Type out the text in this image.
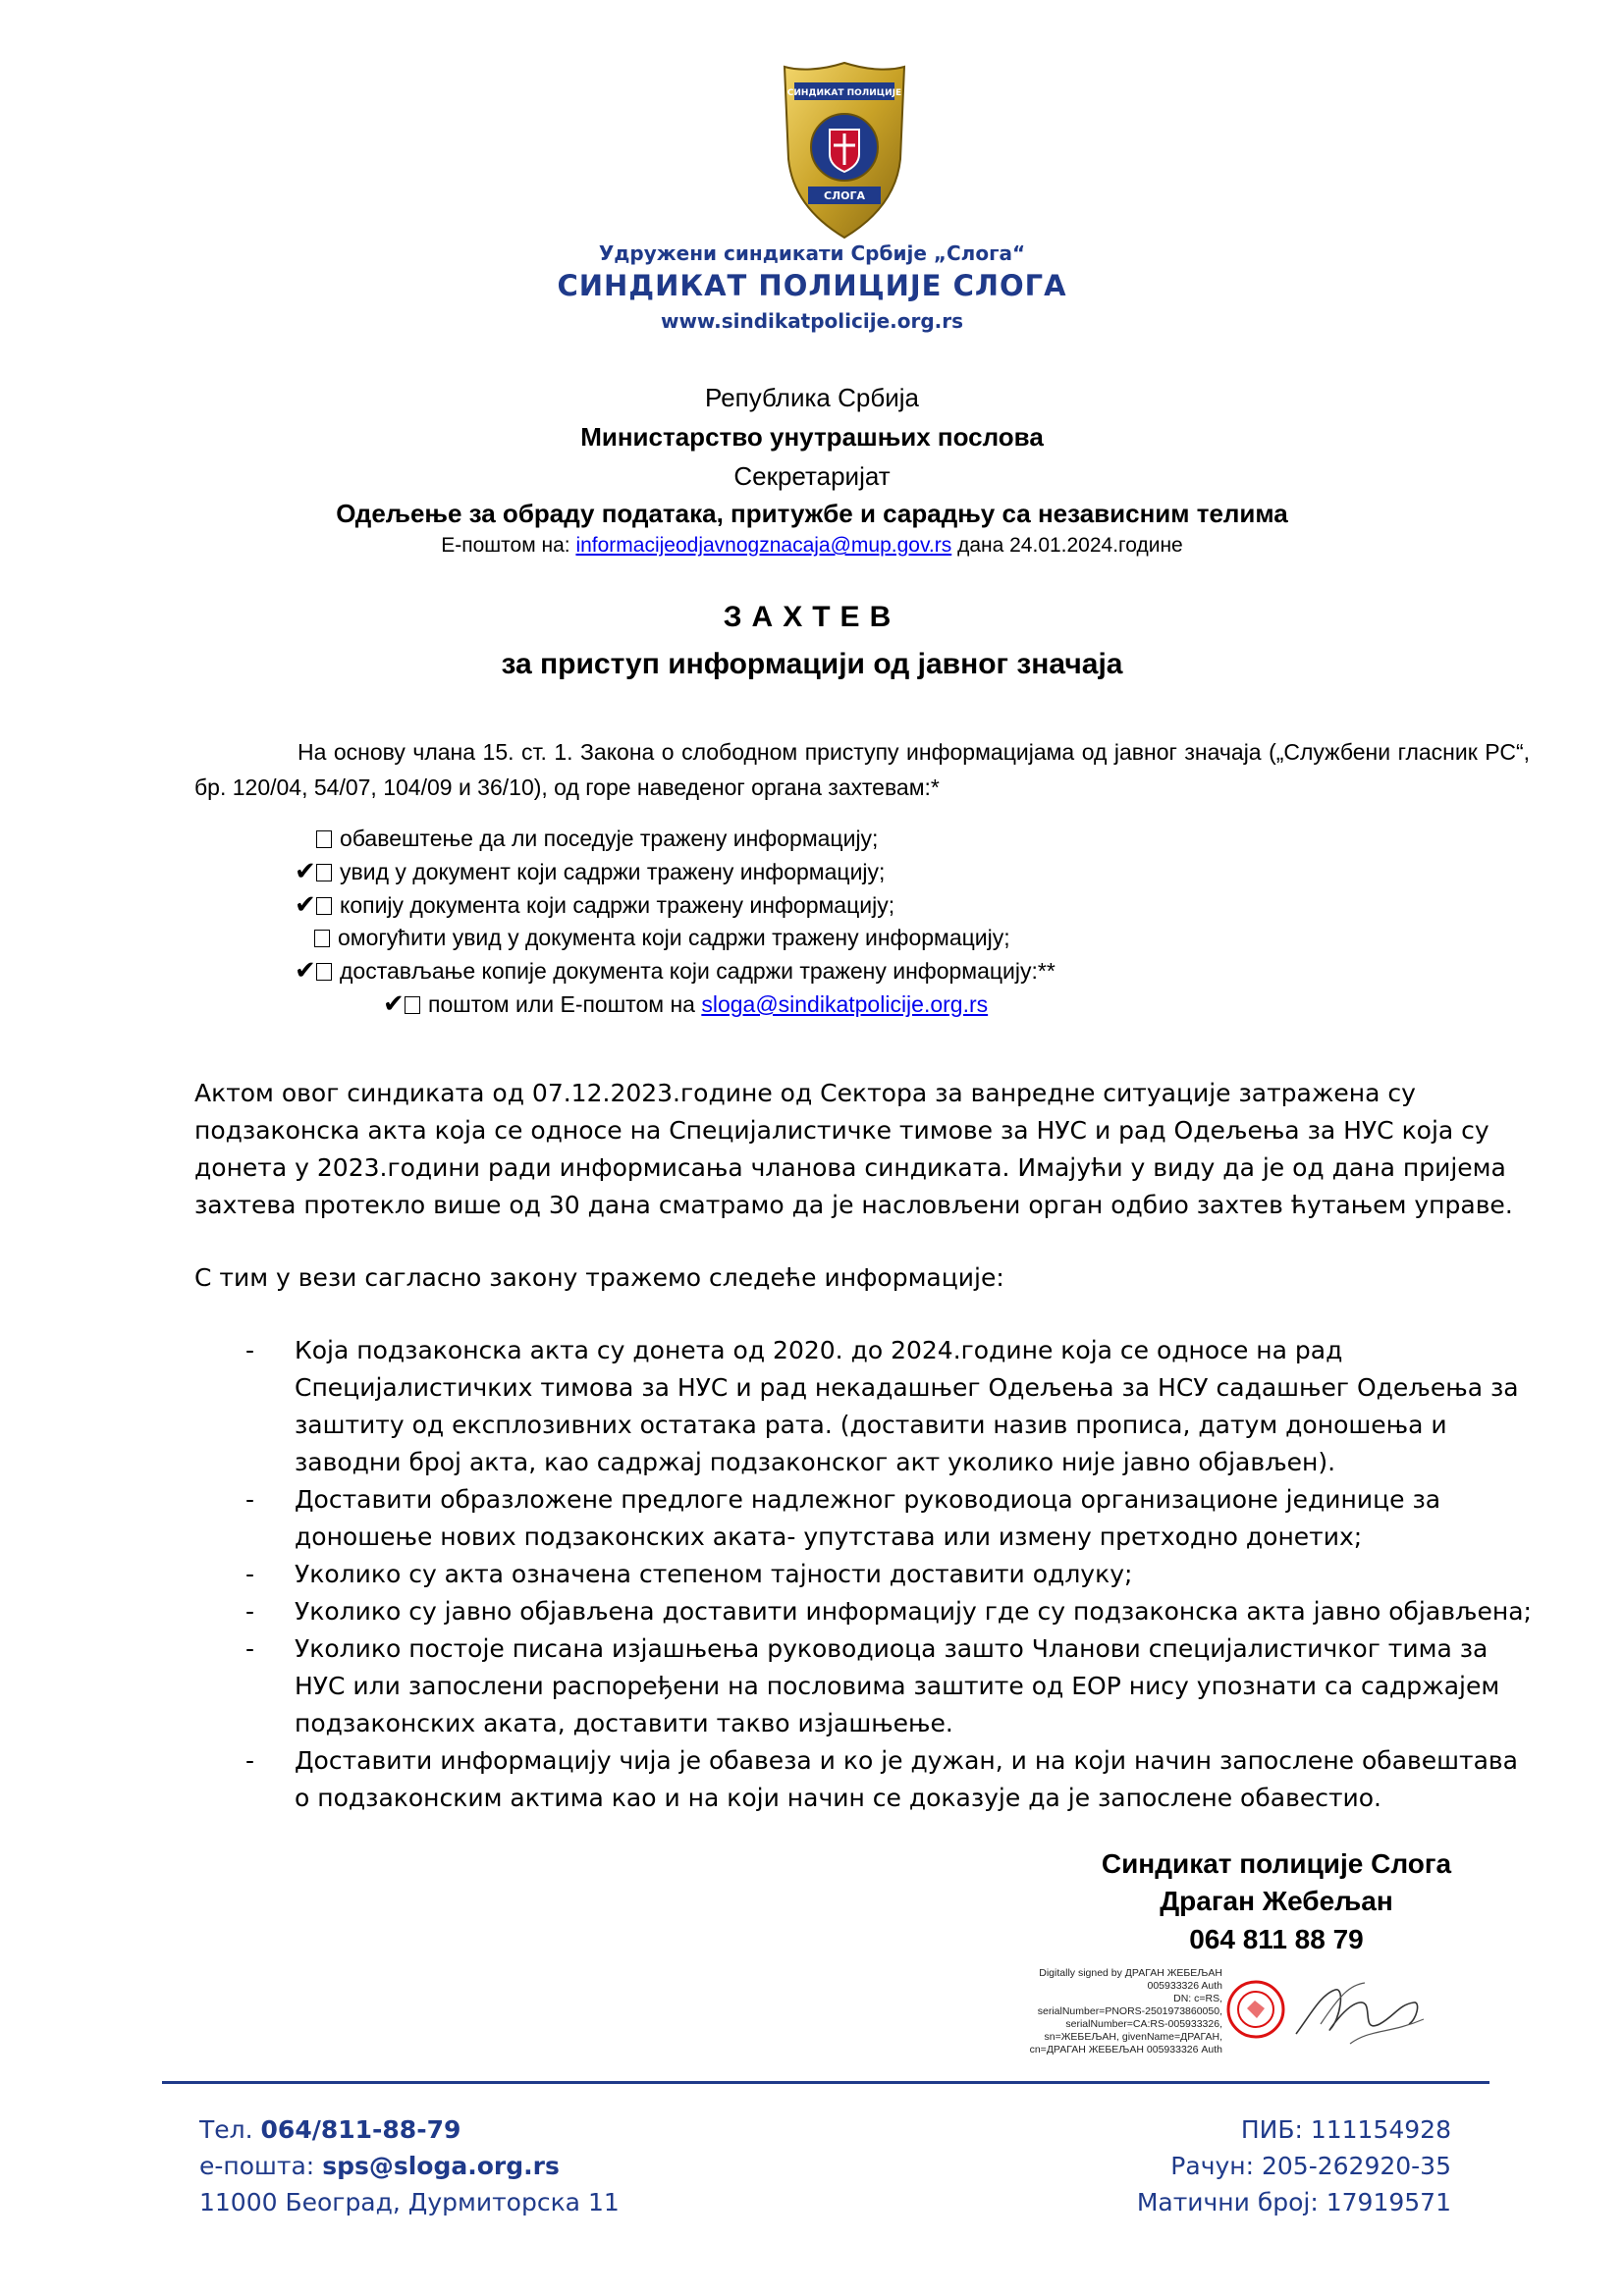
СИНДИКАТ ПОЛИЦИЈЕ
СЛОГА
Удружени синдикати Србије „Слога“
СИНДИКАТ ПОЛИЦИЈЕ СЛОГА
www.sindikatpolicije.org.rs
Република Србија
Министарство унутрашњих послова
Секретаријат
Одељење за обраду података, притужбе и сарадњу са независним телима
Е-поштом на: informacijeodjavnogznacaja@mup.gov.rs дана 24.01.2024.године
ЗАХТЕВ
за приступ информацији од јавног значаја
На основу члана 15. ст. 1. Закона о слободном приступу информацијама од јавног значаја („Службени гласник РС“, бр. 120/04, 54/07, 104/09 и 36/10), од горе наведеног органа захтевам:*
обавештење да ли поседује тражену информацију;
✔ увид у документ који садржи тражену информацију;
✔ копију документа који садржи тражену информацију;
омогућити увид у документа који садржи тражену информацију;
✔ достављање копије документа који садржи тражену информацију:**
✔ поштом или Е-поштом на sloga@sindikatpolicije.org.rs
Актом овог синдиката од 07.12.2023.године од Сектора за ванредне ситуације затражена су подзаконска акта која се односе на Специјалистичке тимове за НУС и рад Одељења за НУС која су донета у 2023.години ради информисања чланова синдиката. Имајући у виду да је од дана пријема захтева протекло више од 30 дана сматрамо да је насловљени орган одбио захтев ћутањем управе.
С тим у вези сагласно закону тражемо следеће информације:
- Која подзаконска акта су донета од 2020. до 2024.године која се односе на рад Специјалистичких тимова за НУС и рад некадашњег Одељења за НСУ садашњег Одељења за заштиту од експлозивних остатака рата. (доставити назив прописа, датум доношења и заводни број акта, као садржај подзаконског акт уколико није јавно објављен).
- Доставити образложене предлоге надлежног руководиоца организационе јединице за доношење нових подзаконских аката- упутстава или измену претходно донетих;
- Уколико су акта означена степеном тајности доставити одлуку;
- Уколико су јавно објављена доставити информацију где су подзаконска акта јавно објављена;
- Уколико постоје писана изјашњења руководиоца зашто Чланови специјалистичког тима за НУС или запослени распоређени на пословима заштите од ЕОР нису упознати са садржајем подзаконских аката, доставити такво изјашњење.
- Доставити информацију чија је обавеза и ко је дужан, и на који начин запослене обавештава о подзаконским актима као и на који начин се доказује да је запослене обавестио.
Синдикат полиције Слога
Драган Жебељан
064 811 88 79
Digitally signed by ДРАГАН ЖЕБЕЉАН
005933326 Auth
DN: c=RS,
serialNumber=PNORS-2501973860050,
serialNumber=CA:RS-005933326,
sn=ЖЕБЕЉАН, givenName=ДРАГАН,
cn=ДРАГАН ЖЕБЕЉАН 005933326 Auth
Тел. 064/811-88-79
е-пошта: sps@sloga.org.rs
11000 Београд, Дурмиторска 11
ПИБ: 111154928
Рачун: 205-262920-35
Матични број: 17919571
